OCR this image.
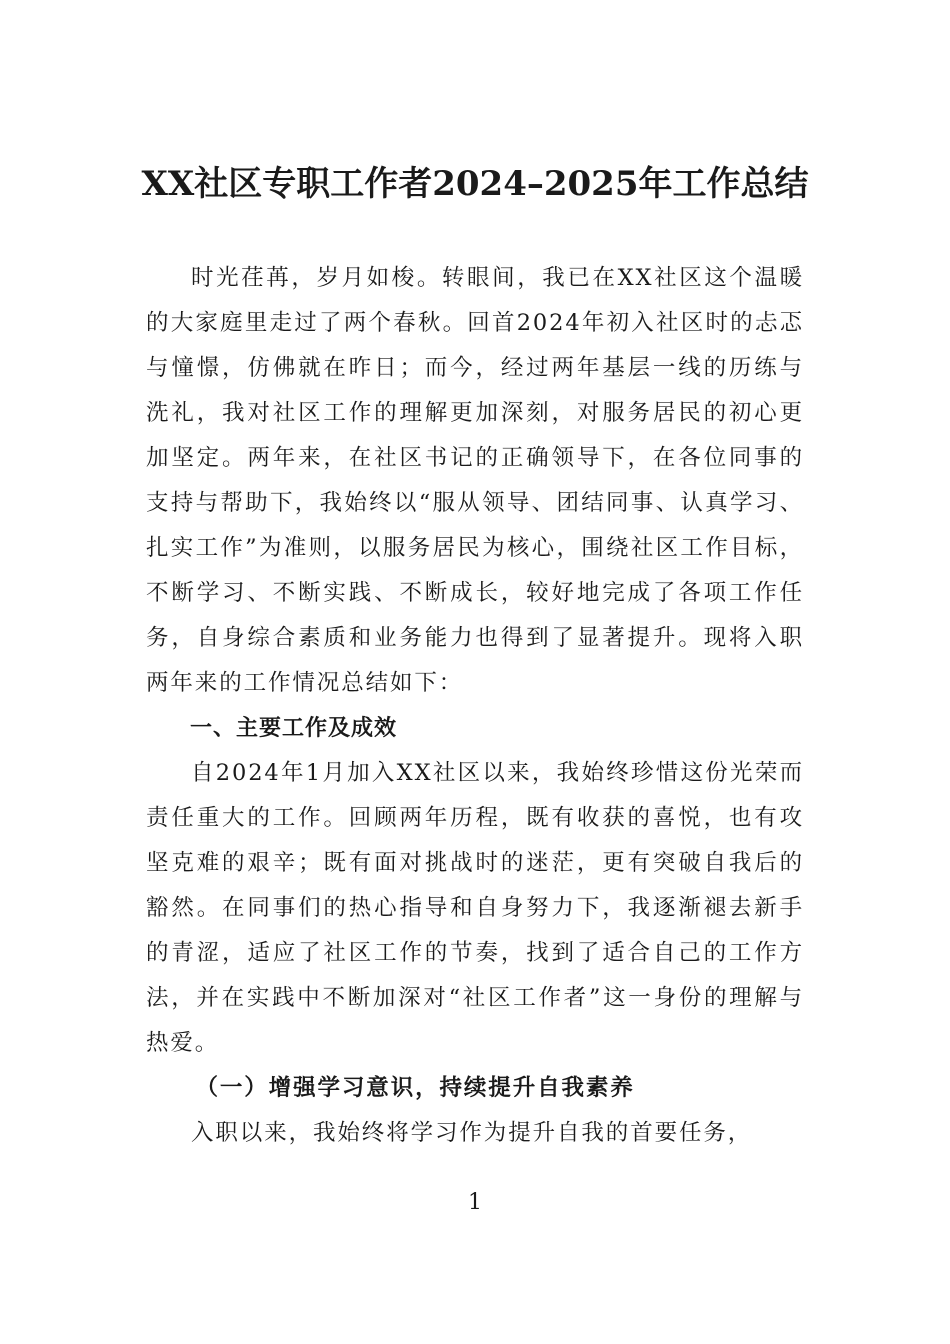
XX社区专职工作者2024–2025年工作总结

时光荏苒，岁月如梭。转眼间，我已在XX社区这个温暖的大家庭里走过了两个春秋。回首2024年初入社区时的忐忑与憧憬，仿佛就在昨日；而今，经过两年基层一线的历练与洗礼，我对社区工作的理解更加深刻，对服务居民的初心更加坚定。两年来，在社区书记的正确领导下，在各位同事的支持与帮助下，我始终以“服从领导、团结同事、认真学习、扎实工作”为准则，以服务居民为核心，围绕社区工作目标，不断学习、不断实践、不断成长，较好地完成了各项工作任务，自身综合素质和业务能力也得到了显著提升。现将入职两年来的工作情况总结如下：

一、主要工作及成效

自2024年1月加入XX社区以来，我始终珍惜这份光荣而责任重大的工作。回顾两年历程，既有收获的喜悦，也有攻坚克难的艰辛；既有面对挑战时的迷茫，更有突破自我后的豁然。在同事们的热心指导和自身努力下，我逐渐褪去新手的青涩，适应了社区工作的节奏，找到了适合自己的工作方法，并在实践中不断加深对“社区工作者”这一身份的理解与热爱。

（一）增强学习意识，持续提升自我素养

入职以来，我始终将学习作为提升自我的首要任务，

1
